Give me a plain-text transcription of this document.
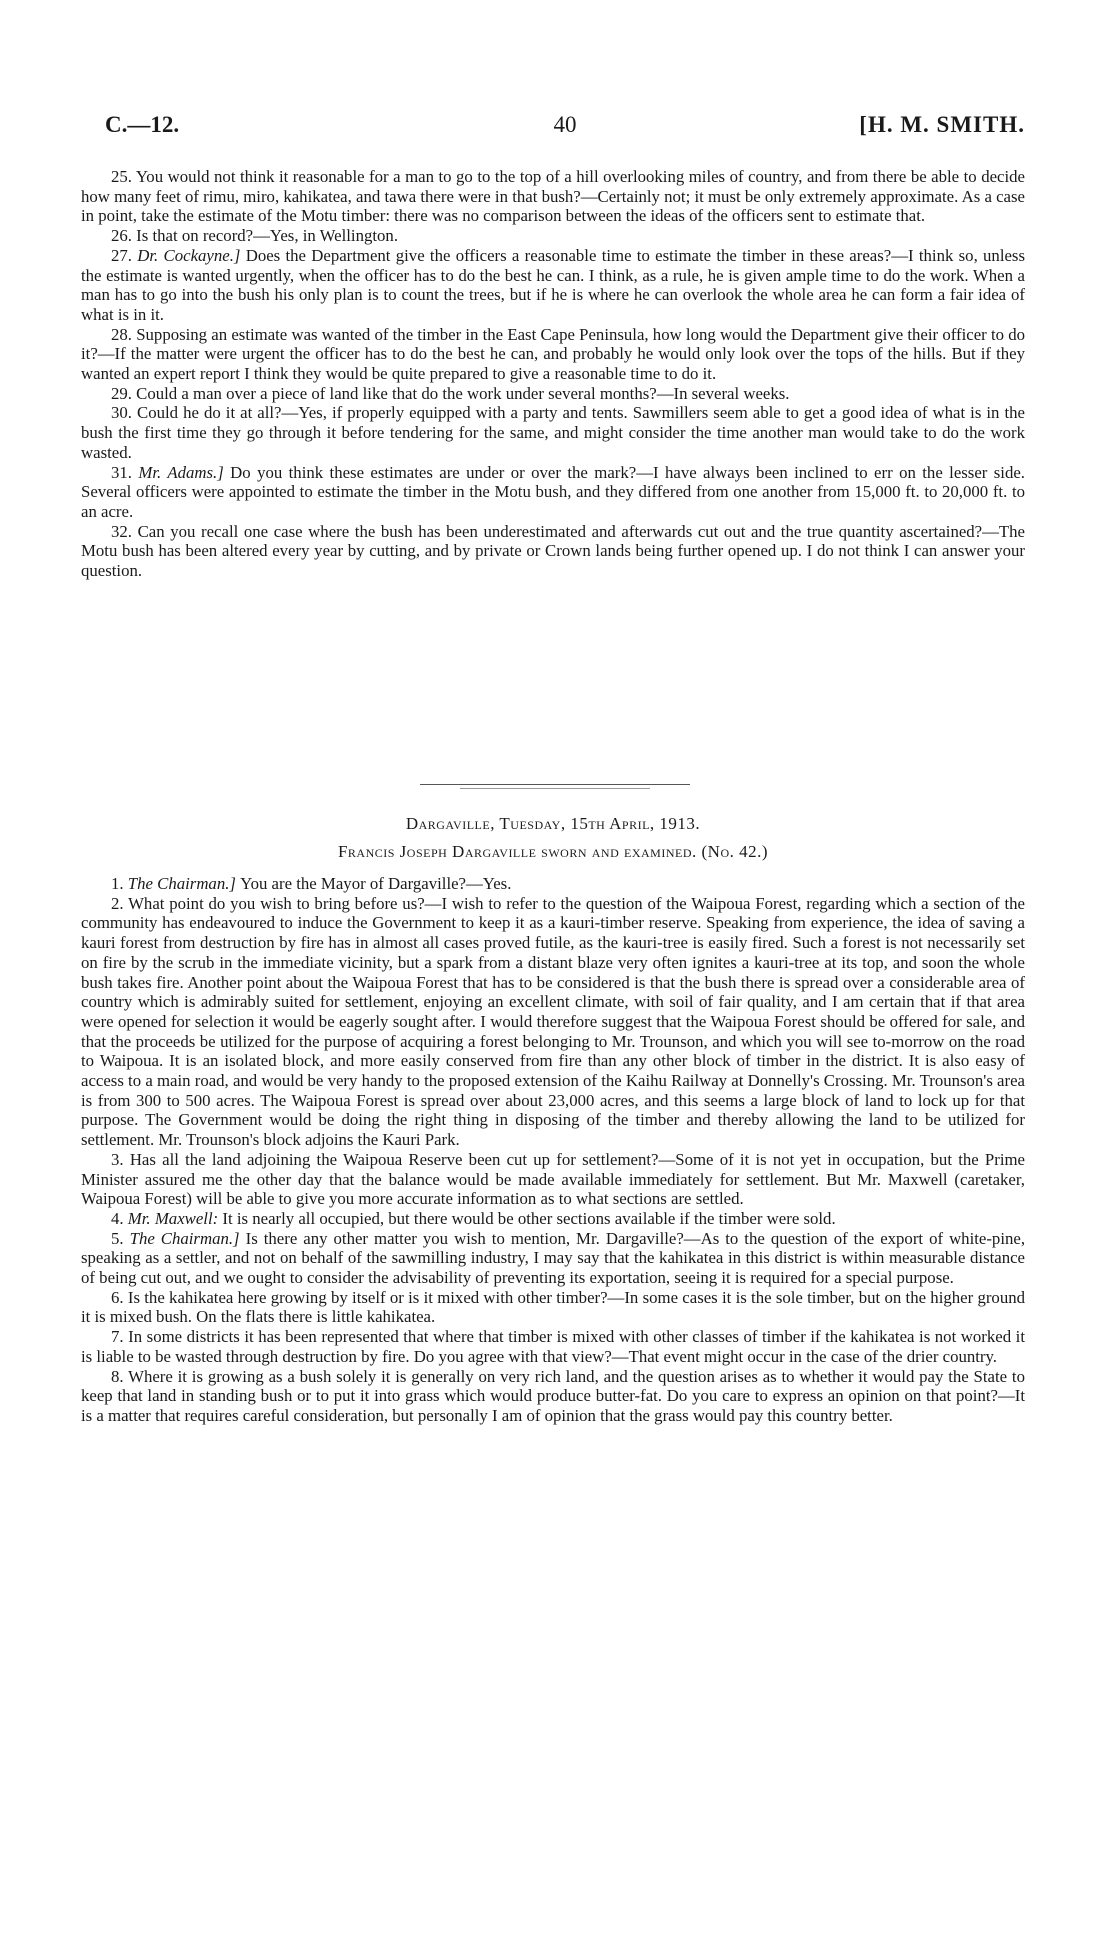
C.—12.	40	[H. M. SMITH.

25. You would not think it reasonable for a man to go to the top of a hill overlooking miles of country, and from there be able to decide how many feet of rimu, miro, kahikatea, and tawa there were in that bush?—Certainly not; it must be only extremely approximate. As a case in point, take the estimate of the Motu timber: there was no comparison between the ideas of the officers sent to estimate that.

26. Is that on record?—Yes, in Wellington.

27. Dr. Cockayne.] Does the Department give the officers a reasonable time to estimate the timber in these areas?—I think so, unless the estimate is wanted urgently, when the officer has to do the best he can. I think, as a rule, he is given ample time to do the work. When a man has to go into the bush his only plan is to count the trees, but if he is where he can overlook the whole area he can form a fair idea of what is in it.

28. Supposing an estimate was wanted of the timber in the East Cape Peninsula, how long would the Department give their officer to do it?—If the matter were urgent the officer has to do the best he can, and probably he would only look over the tops of the hills. But if they wanted an expert report I think they would be quite prepared to give a reasonable time to do it.

29. Could a man over a piece of land like that do the work under several months?—In several weeks.

30. Could he do it at all?—Yes, if properly equipped with a party and tents. Sawmillers seem able to get a good idea of what is in the bush the first time they go through it before tendering for the same, and might consider the time another man would take to do the work wasted.

31. Mr. Adams.] Do you think these estimates are under or over the mark?—I have always been inclined to err on the lesser side. Several officers were appointed to estimate the timber in the Motu bush, and they differed from one another from 15,000 ft. to 20,000 ft. to an acre.

32. Can you recall one case where the bush has been underestimated and afterwards cut out and the true quantity ascertained?—The Motu bush has been altered every year by cutting, and by private or Crown lands being further opened up. I do not think I can answer your question.

Dargaville, Tuesday, 15th April, 1913.
Francis Joseph Dargaville sworn and examined. (No. 42.)

1. The Chairman.] You are the Mayor of Dargaville?—Yes.

2. What point do you wish to bring before us?—I wish to refer to the question of the Waipoua Forest, regarding which a section of the community has endeavoured to induce the Government to keep it as a kauri-timber reserve. Speaking from experience, the idea of saving a kauri forest from destruction by fire has in almost all cases proved futile, as the kauri-tree is easily fired. Such a forest is not necessarily set on fire by the scrub in the immediate vicinity, but a spark from a distant blaze very often ignites a kauri-tree at its top, and soon the whole bush takes fire. Another point about the Waipoua Forest that has to be considered is that the bush there is spread over a considerable area of country which is admirably suited for settlement, enjoying an excellent climate, with soil of fair quality, and I am certain that if that area were opened for selection it would be eagerly sought after. I would therefore suggest that the Waipoua Forest should be offered for sale, and that the proceeds be utilized for the purpose of acquiring a forest belonging to Mr. Trounson, and which you will see to-morrow on the road to Waipoua. It is an isolated block, and more easily conserved from fire than any other block of timber in the district. It is also easy of access to a main road, and would be very handy to the proposed extension of the Kaihu Railway at Donnelly's Crossing. Mr. Trounson's area is from 300 to 500 acres. The Waipoua Forest is spread over about 23,000 acres, and this seems a large block of land to lock up for that purpose. The Government would be doing the right thing in disposing of the timber and thereby allowing the land to be utilized for settlement. Mr. Trounson's block adjoins the Kauri Park.

3. Has all the land adjoining the Waipoua Reserve been cut up for settlement?—Some of it is not yet in occupation, but the Prime Minister assured me the other day that the balance would be made available immediately for settlement. But Mr. Maxwell (caretaker, Waipoua Forest) will be able to give you more accurate information as to what sections are settled.

4. Mr. Maxwell: It is nearly all occupied, but there would be other sections available if the timber were sold.

5. The Chairman.] Is there any other matter you wish to mention, Mr. Dargaville?—As to the question of the export of white-pine, speaking as a settler, and not on behalf of the sawmilling industry, I may say that the kahikatea in this district is within measurable distance of being cut out, and we ought to consider the advisability of preventing its exportation, seeing it is required for a special purpose.

6. Is the kahikatea here growing by itself or is it mixed with other timber?—In some cases it is the sole timber, but on the higher ground it is mixed bush. On the flats there is little kahikatea.

7. In some districts it has been represented that where that timber is mixed with other classes of timber if the kahikatea is not worked it is liable to be wasted through destruction by fire. Do you agree with that view?—That event might occur in the case of the drier country.

8. Where it is growing as a bush solely it is generally on very rich land, and the question arises as to whether it would pay the State to keep that land in standing bush or to put it into grass which would produce butter-fat. Do you care to express an opinion on that point?—It is a matter that requires careful consideration, but personally I am of opinion that the grass would pay this country better.
